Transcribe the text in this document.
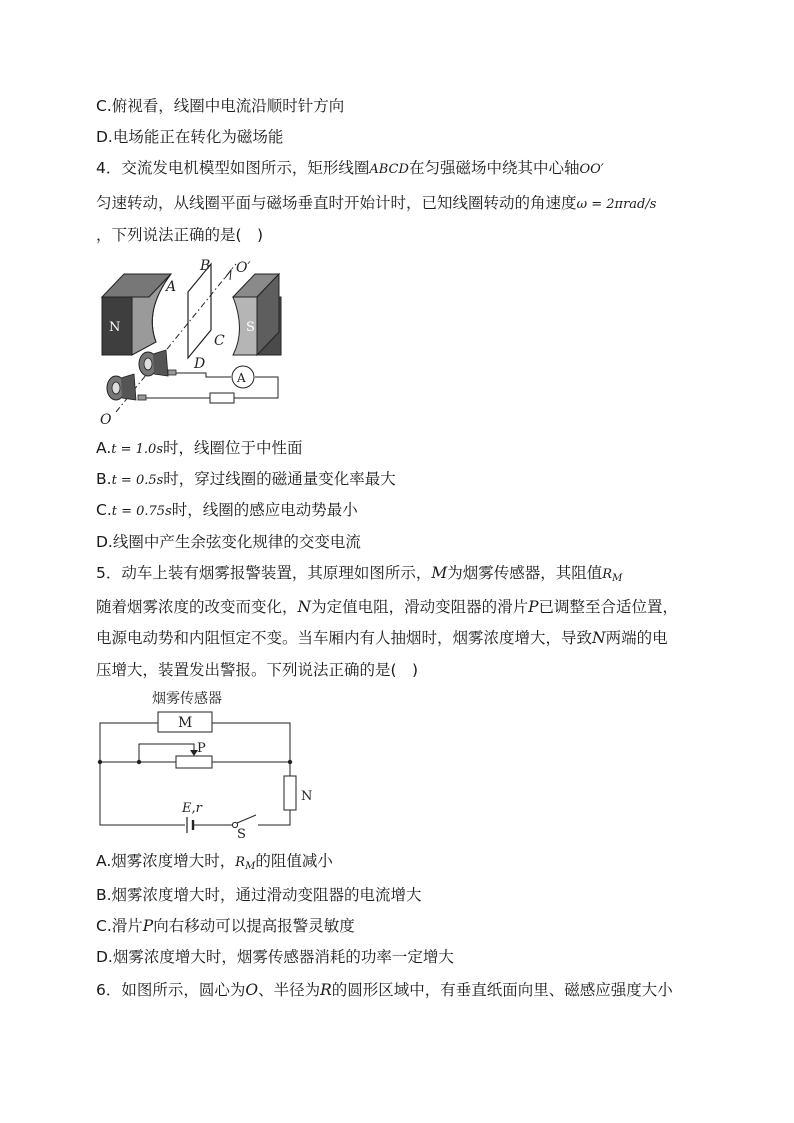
C.俯视看，线圈中电流沿顺时针方向
D.电场能正在转化为磁场能
4．交流发电机模型如图所示，矩形线圈ABCD在匀强磁场中绕其中心轴OO′
匀速转动，从线圈平面与磁场垂直时开始计时，已知线圈转动的角速度ω = 2πrad/s
，下列说法正确的是(　)
N	S
A
A
B
C
D
O′
O
A.t = 1.0s时，线圈位于中性面
B.t = 0.5s时，穿过线圈的磁通量变化率最大
C.t = 0.75s时，线圈的感应电动势最小
D.线圈中产生余弦变化规律的交变电流
5．动车上装有烟雾报警装置，其原理如图所示，M为烟雾传感器，其阻值$R_M$
随着烟雾浓度的改变而变化，N为定值电阻，滑动变阻器的滑片P已调整至合适位置，
电源电动势和内阻恒定不变。当车厢内有人抽烟时，烟雾浓度增大，导致N两端的电
压增大，装置发出警报。下列说法正确的是(　)
烟雾传感器
M
P
N
E,r
S
A.烟雾浓度增大时，$R_M$的阻值减小
B.烟雾浓度增大时，通过滑动变阻器的电流增大
C.滑片P向右移动可以提高报警灵敏度
D.烟雾浓度增大时，烟雾传感器消耗的功率一定增大
6．如图所示，圆心为O、半径为R的圆形区域中，有垂直纸面向里、磁感应强度大小
